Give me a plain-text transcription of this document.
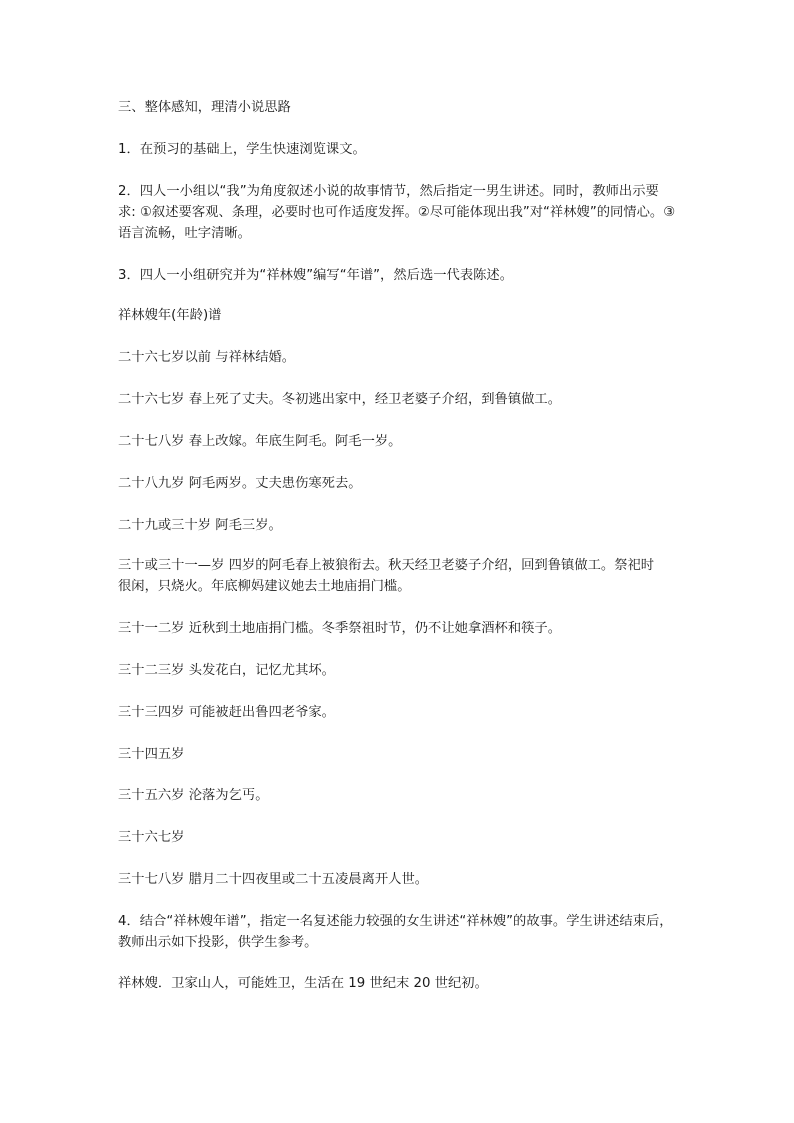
三、整体感知，理清小说思路
1．在预习的基础上，学生快速浏览课文。
2．四人一小组以“我”为角度叙述小说的故事情节，然后指定一男生讲述。同时，教师出示要
求: ①叙述要客观、条理，必要时也可作适度发挥。②尽可能体现出我”对“祥林嫂”的同情心。③
语言流畅，吐字清晰。
3．四人一小组研究并为“祥林嫂”编写“年谱”，然后选一代表陈述。
祥林嫂年(年龄)谱
二十六七岁以前 与祥林结婚。
二十六七岁 春上死了丈夫。冬初逃出家中，经卫老婆子介绍，到鲁镇做工。
二十七八岁 春上改嫁。年底生阿毛。阿毛一岁。
二十八九岁 阿毛两岁。丈夫患伤寒死去。
二十九或三十岁 阿毛三岁。
三十或三十一—岁 四岁的阿毛春上被狼衔去。秋天经卫老婆子介绍，回到鲁镇做工。祭祀时
很闲，只烧火。年底柳妈建议她去土地庙捐门槛。
三十一二岁 近秋到土地庙捐门槛。冬季祭祖时节，仍不让她拿酒杯和筷子。
三十二三岁 头发花白，记忆尤其坏。
三十三四岁 可能被赶出鲁四老爷家。
三十四五岁
三十五六岁 沦落为乞丐。
三十六七岁
三十七八岁 腊月二十四夜里或二十五凌晨离开人世。
4．结合“祥林嫂年谱”，指定一名复述能力较强的女生讲述“祥林嫂”的故事。学生讲述结束后，
教师出示如下投影，供学生参考。
祥林嫂．卫家山人，可能姓卫，生活在 19 世纪末 20 世纪初。
